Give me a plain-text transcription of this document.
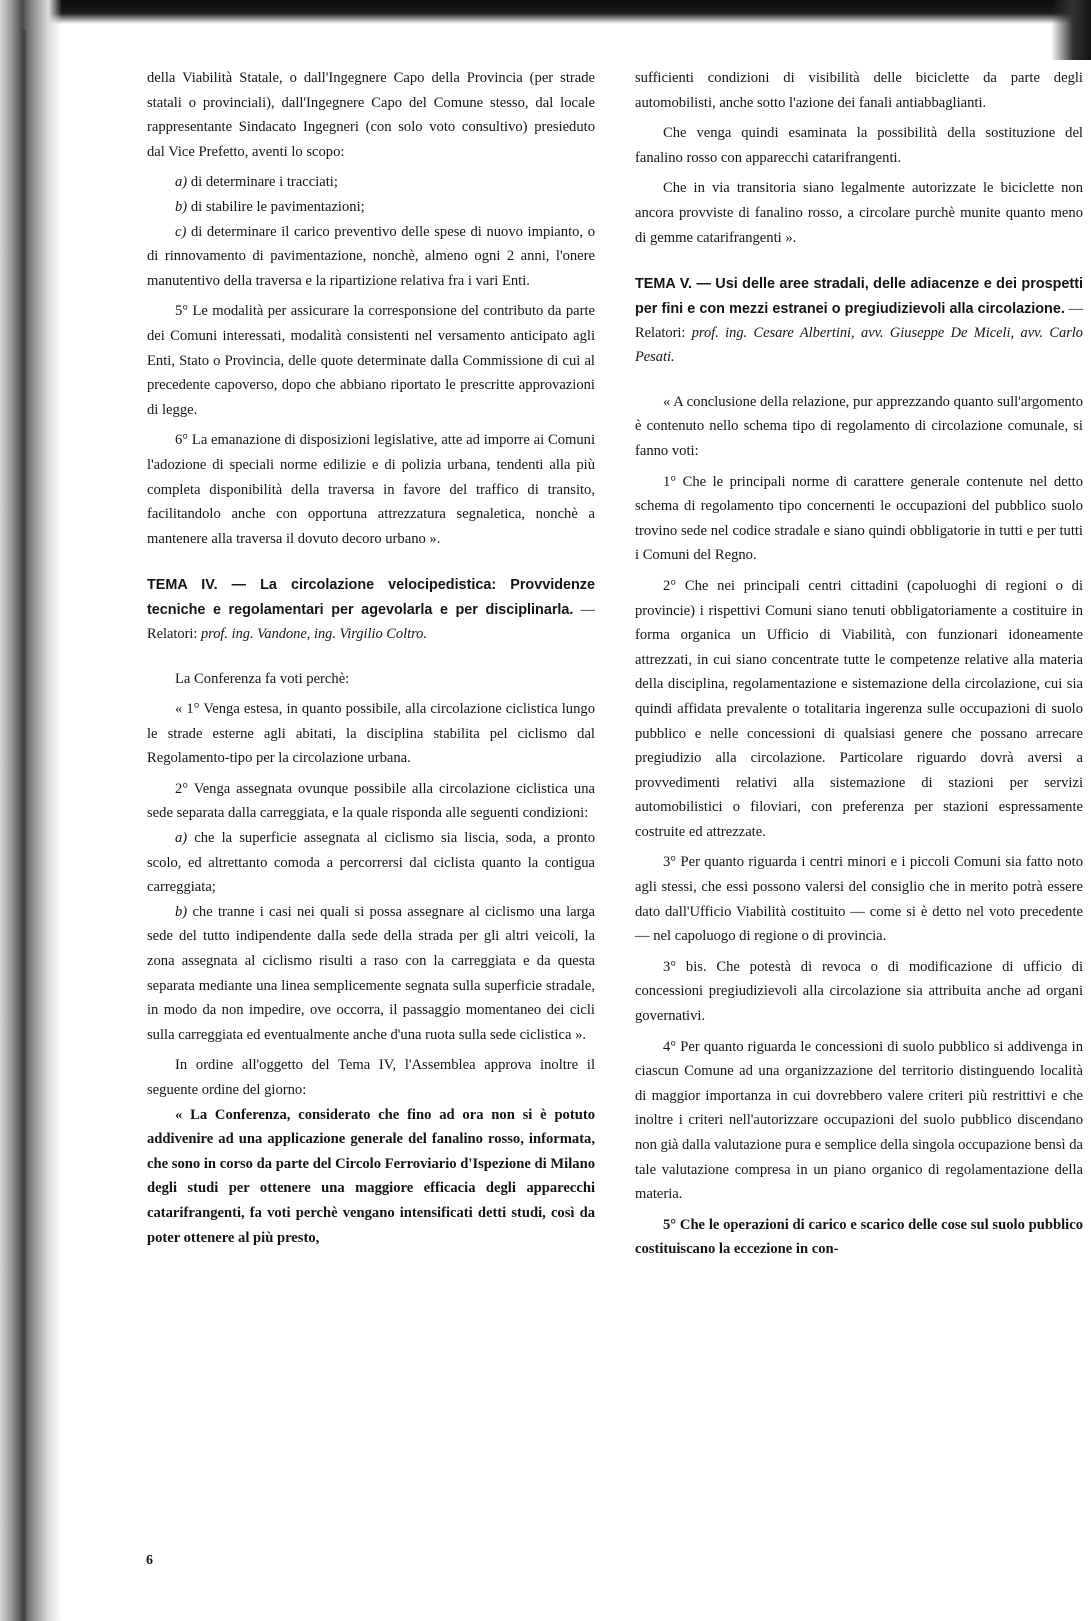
della Viabilità Statale, o dall'Ingegnere Capo della Provincia (per strade statali o provinciali), dall'Ingegnere Capo del Comune stesso, dal locale rappresentante Sindacato Ingegneri (con solo voto consultivo) presieduto dal Vice Prefetto, aventi lo scopo:

a) di determinare i tracciati;

b) di stabilire le pavimentazioni;

c) di determinare il carico preventivo delle spese di nuovo impianto, o di rinnovamento di pavimentazione, nonchè, almeno ogni 2 anni, l'onere manutentivo della traversa e la ripartizione relativa fra i vari Enti.

5° Le modalità per assicurare la corresponsione del contributo da parte dei Comuni interessati, modalità consistenti nel versamento anticipato agli Enti, Stato o Provincia, delle quote determinate dalla Commissione di cui al precedente capoverso, dopo che abbiano riportato le prescritte approvazioni di legge.

6° La emanazione di disposizioni legislative, atte ad imporre ai Comuni l'adozione di speciali norme edilizie e di polizia urbana, tendenti alla più completa disponibilità della traversa in favore del traffico di transito, facilitandolo anche con opportuna attrezzatura segnaletica, nonchè a mantenere alla traversa il dovuto decoro urbano ».

TEMA IV. — La circolazione velocipedistica: Provvidenze tecniche e regolamentari per agevolarla e per disciplinarla. — Relatori: prof. ing. Vandone, ing. Virgilio Coltro.

La Conferenza fa voti perchè:

« 1° Venga estesa, in quanto possibile, alla circolazione ciclistica lungo le strade esterne agli abitati, la disciplina stabilita pel ciclismo dal Regolamento-tipo per la circolazione urbana.

2° Venga assegnata ovunque possibile alla circolazione ciclistica una sede separata dalla carreggiata, e la quale risponda alle seguenti condizioni:

a) che la superficie assegnata al ciclismo sia liscia, soda, a pronto scolo, ed altrettanto comoda a percorrersi dal ciclista quanto la contigua carreggiata;

b) che tranne i casi nei quali si possa assegnare al ciclismo una larga sede del tutto indipendente dalla sede della strada per gli altri veicoli, la zona assegnata al ciclismo risulti a raso con la carreggiata e da questa separata mediante una linea semplicemente segnata sulla superficie stradale, in modo da non impedire, ove occorra, il passaggio momentaneo dei cicli sulla carreggiata ed eventualmente anche d'una ruota sulla sede ciclistica ».

In ordine all'oggetto del Tema IV, l'Assemblea approva inoltre il seguente ordine del giorno:

« La Conferenza, considerato che fino ad ora non si è potuto addivenire ad una applicazione generale del fanalino rosso, informata, che sono in corso da parte del Circolo Ferroviario d'Ispezione di Milano degli studi per ottenere una maggiore efficacia degli apparecchi catarifrangenti, fa voti perchè vengano intensificati detti studi, così da poter ottenere al più presto,

sufficienti condizioni di visibilità delle biciclette da parte degli automobilisti, anche sotto l'azione dei fanali antiabbaglianti.

Che venga quindi esaminata la possibilità della sostituzione del fanalino rosso con apparecchi catarifrangenti.

Che in via transitoria siano legalmente autorizzate le biciclette non ancora provviste di fanalino rosso, a circolare purchè munite quanto meno di gemme catarifrangenti ».

TEMA V. — Usi delle aree stradali, delle adiacenze e dei prospetti per fini e con mezzi estranei o pregiudizievoli alla circolazione. — Relatori: prof. ing. Cesare Albertini, avv. Giuseppe De Miceli, avv. Carlo Pesati.

« A conclusione della relazione, pur apprezzando quanto sull'argomento è contenuto nello schema tipo di regolamento di circolazione comunale, si fanno voti:

1° Che le principali norme di carattere generale contenute nel detto schema di regolamento tipo concernenti le occupazioni del pubblico suolo trovino sede nel codice stradale e siano quindi obbligatorie in tutti e per tutti i Comuni del Regno.

2° Che nei principali centri cittadini (capoluoghi di regioni o di provincie) i rispettivi Comuni siano tenuti obbligatoriamente a costituire in forma organica un Ufficio di Viabilità, con funzionari idoneamente attrezzati, in cui siano concentrate tutte le competenze relative alla materia della disciplina, regolamentazione e sistemazione della circolazione, cui sia quindi affidata prevalente o totalitaria ingerenza sulle occupazioni di suolo pubblico e nelle concessioni di qualsiasi genere che possano arrecare pregiudizio alla circolazione. Particolare riguardo dovrà aversi a provvedimenti relativi alla sistemazione di stazioni per servizi automobilistici o filoviari, con preferenza per stazioni espressamente costruite ed attrezzate.

3° Per quanto riguarda i centri minori e i piccoli Comuni sia fatto noto agli stessi, che essi possono valersi del consiglio che in merito potrà essere dato dall'Ufficio Viabilità costituito — come si è detto nel voto precedente — nel capoluogo di regione o di provincia.

3° bis. Che potestà di revoca o di modificazione di ufficio di concessioni pregiudizievoli alla circolazione sia attribuita anche ad organi governativi.

4° Per quanto riguarda le concessioni di suolo pubblico si addivenga in ciascun Comune ad una organizzazione del territorio distinguendo località di maggior importanza in cui dovrebbero valere criteri più restrittivi e che inoltre i criteri nell'autorizzare occupazioni del suolo pubblico discendano non già dalla valutazione pura e semplice della singola occupazione bensì da tale valutazione compresa in un piano organico di regolamentazione della materia.

5° Che le operazioni di carico e scarico delle cose sul suolo pubblico costituiscano la eccezione in con-

6
